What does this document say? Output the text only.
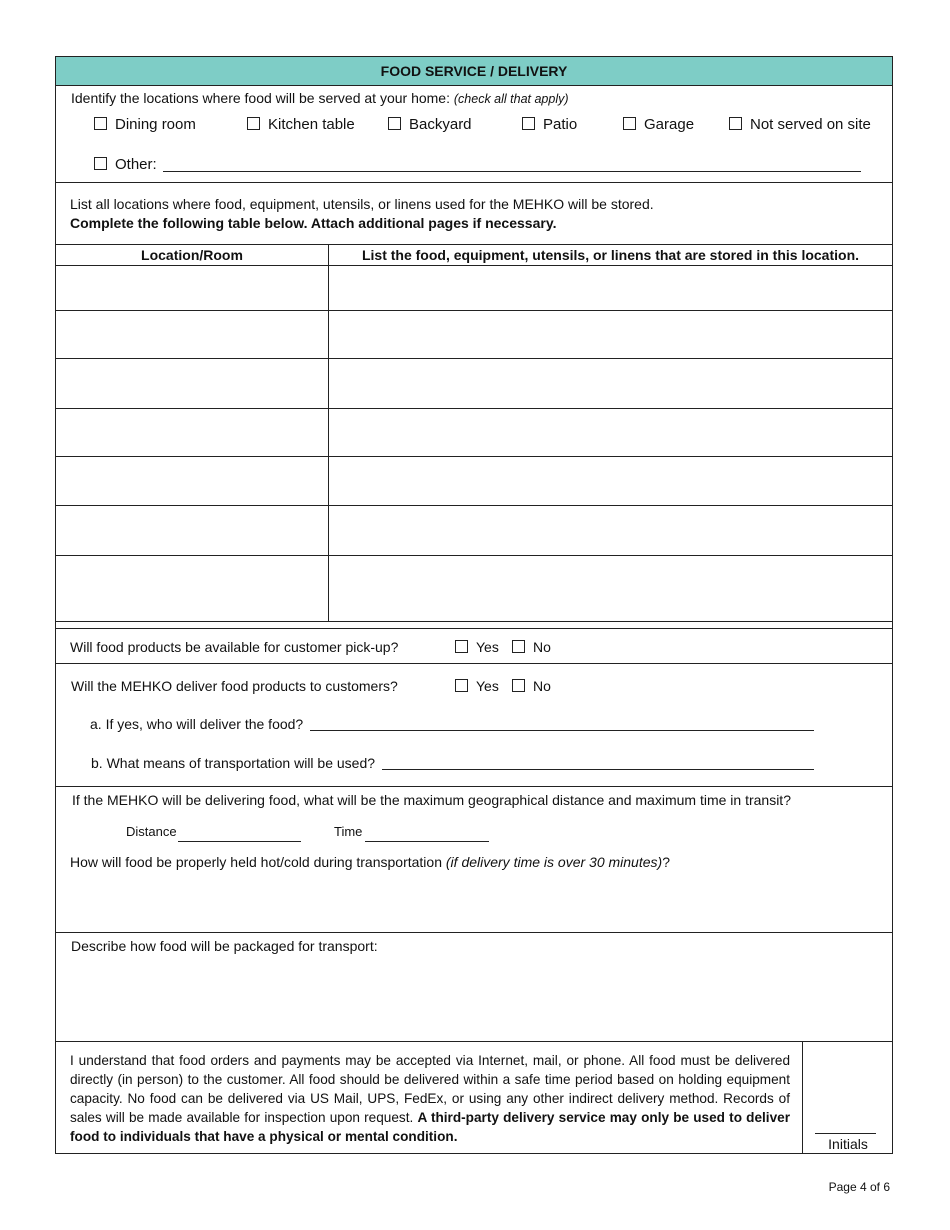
FOOD SERVICE / DELIVERY
Identify the locations where food will be served at your home: (check all that apply)
Dining room	Kitchen table	Backyard	Patio	Garage	Not served on site
Other:
List all locations where food, equipment, utensils, or linens used for the MEHKO will be stored.
Complete the following table below. Attach additional pages if necessary.
Location/Room	List the food, equipment, utensils, or linens that are stored in this location.
Will food products be available for customer pick-up?	Yes	No
Will the MEHKO deliver food products to customers?	Yes	No
a. If yes, who will deliver the food?
b. What means of transportation will be used?
If the MEHKO will be delivering food, what will be the maximum geographical distance and maximum time in transit?
Distance	Time
How will food be properly held hot/cold during transportation (if delivery time is over 30 minutes)?
Describe how food will be packaged for transport:
I understand that food orders and payments may be accepted via Internet, mail, or phone. All food must be delivered directly (in person) to the customer. All food should be delivered within a safe time period based on holding equipment capacity. No food can be delivered via US Mail, UPS, FedEx, or using any other indirect delivery method. Records of sales will be made available for inspection upon request. A third-party delivery service may only be used to deliver food to individuals that have a physical or mental condition.	Initials
Page 4 of 6
